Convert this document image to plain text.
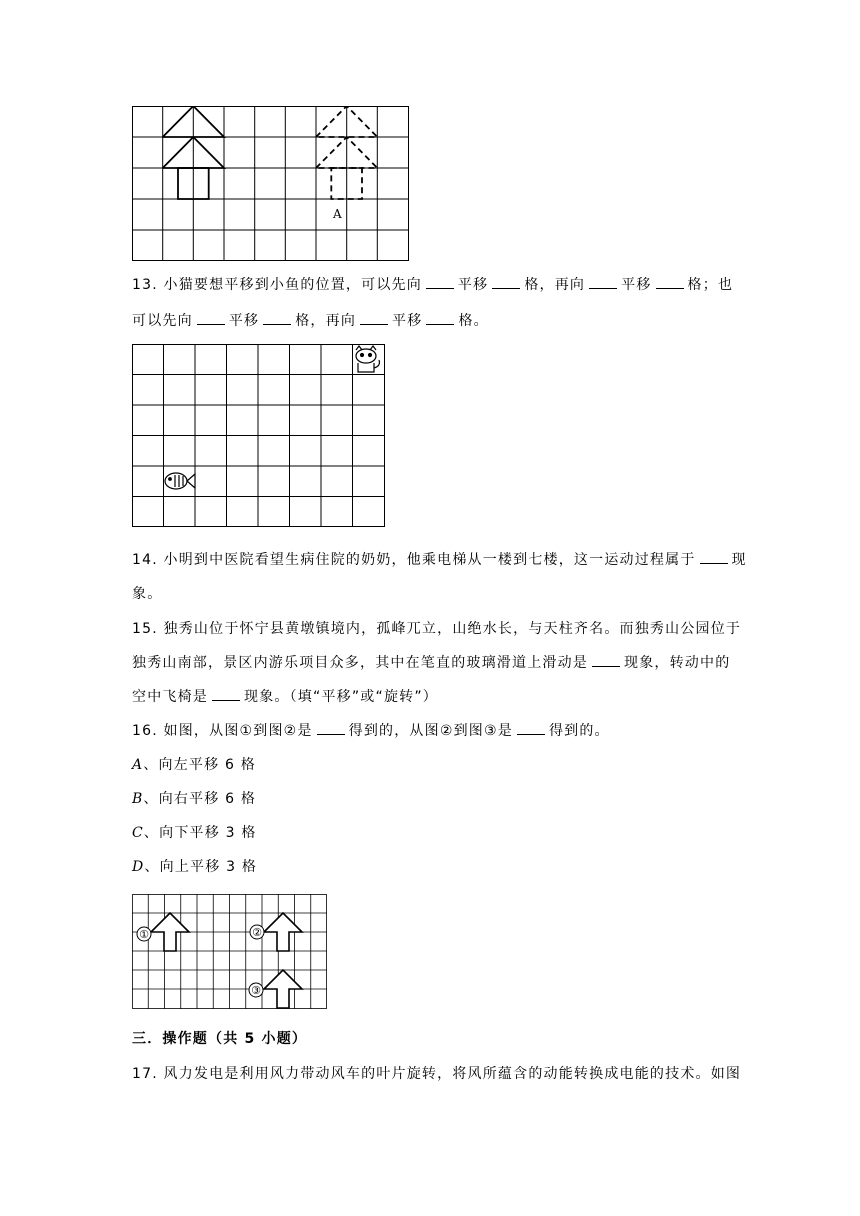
A
13. 小猫要想平移到小鱼的位置，可以先向	平移	格，再向	平移	格；也
可以先向	平移	格，再向	平移	格。
14. 小明到中医院看望生病住院的奶奶，他乘电梯从一楼到七楼，这一运动过程属于	现
象。
15. 独秀山位于怀宁县黄墩镇境内，孤峰兀立，山绝水长，与天柱齐名。而独秀山公园位于
独秀山南部，景区内游乐项目众多，其中在笔直的玻璃滑道上滑动是	现象，转动中的
空中飞椅是	现象。（填“平移”或“旋转”）
16. 如图，从图①到图②是	得到的，从图②到图③是	得到的。
A、向左平移 6 格
B、向右平移 6 格
C、向下平移 3 格
D、向上平移 3 格
①	②
③
三．操作题（共 5 小题）
17. 风力发电是利用风力带动风车的叶片旋转，将风所蕴含的动能转换成电能的技术。如图
